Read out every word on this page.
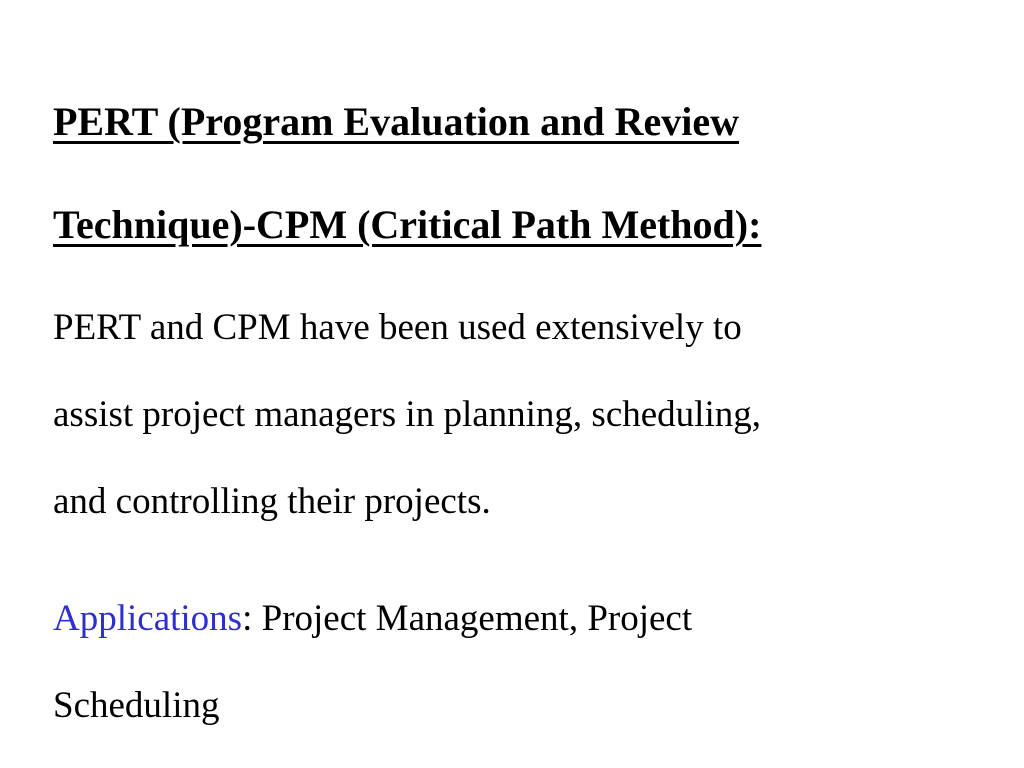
PERT (Program Evaluation and Review
Technique)-CPM (Critical Path Method):

PERT and CPM have been used extensively to
assist project managers in planning, scheduling,
and controlling their projects.

Applications: Project Management, Project
Scheduling
